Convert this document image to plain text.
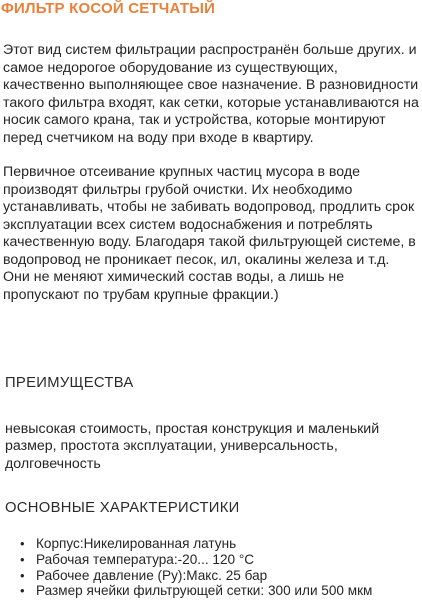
ФИЛЬТР КОСОЙ СЕТЧАТЫЙ

Этот вид систем фильтрации распространён больше других. и самое недорогое оборудование из существующих, качественно выполняющее свое назначение. В разновидности такого фильтра входят, как сетки, которые устанавливаются на носик самого крана, так и устройства, которые монтируют перед счетчиком на воду при входе в квартиру.

Первичное отсеивание крупных частиц мусора в воде производят фильтры грубой очистки. Их необходимо устанавливать, чтобы не забивать водопровод, продлить срок эксплуатации всех систем водоснабжения и потреблять качественную воду. Благодаря такой фильтрующей системе, в водопровод не проникает песок, ил, окалины железа и т.д. Они не меняют химический состав воды, а лишь не пропускают по трубам крупные фракции.)

ПРЕИМУЩЕСТВА

невысокая стоимость, простая конструкция и маленький размер, простота эксплуатации, универсальность, долговечность

ОСНОВНЫЕ ХАРАКТЕРИСТИКИ
• Корпус:Никелированная латунь
• Рабочая температура:-20... 120 °C
• Рабочее давление (Ру):Макс. 25 бар
• Размер ячейки фильтрующей сетки: 300 или 500 мкм
